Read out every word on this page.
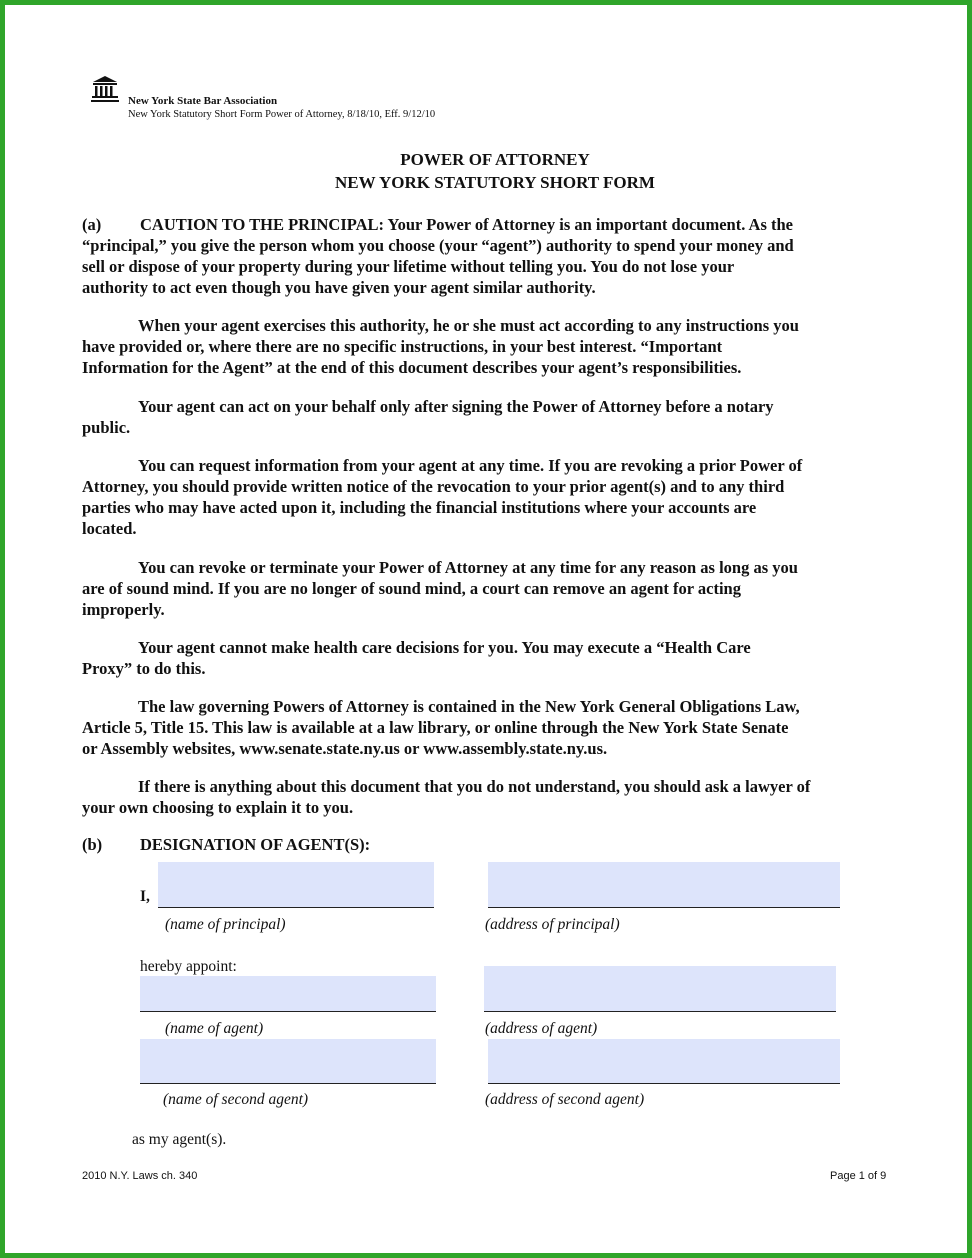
New York State Bar Association
New York Statutory Short Form Power of Attorney, 8/18/10, Eff. 9/12/10
POWER OF ATTORNEY
NEW YORK STATUTORY SHORT FORM
(a) CAUTION TO THE PRINCIPAL: Your Power of Attorney is an important document. As the
“principal,” you give the person whom you choose (your “agent”) authority to spend your money and
sell or dispose of your property during your lifetime without telling you. You do not lose your
authority to act even though you have given your agent similar authority.
When your agent exercises this authority, he or she must act according to any instructions you
have provided or, where there are no specific instructions, in your best interest. “Important
Information for the Agent” at the end of this document describes your agent’s responsibilities.
Your agent can act on your behalf only after signing the Power of Attorney before a notary
public.
You can request information from your agent at any time. If you are revoking a prior Power of
Attorney, you should provide written notice of the revocation to your prior agent(s) and to any third
parties who may have acted upon it, including the financial institutions where your accounts are
located.
You can revoke or terminate your Power of Attorney at any time for any reason as long as you
are of sound mind. If you are no longer of sound mind, a court can remove an agent for acting
improperly.
Your agent cannot make health care decisions for you. You may execute a “Health Care
Proxy” to do this.
The law governing Powers of Attorney is contained in the New York General Obligations Law,
Article 5, Title 15. This law is available at a law library, or online through the New York State Senate
or Assembly websites, www.senate.state.ny.us or www.assembly.state.ny.us.
If there is anything about this document that you do not understand, you should ask a lawyer of
your own choosing to explain it to you.
(b) DESIGNATION OF AGENT(S):
I,
(name of principal)	(address of principal)
hereby appoint:
(name of agent)	(address of agent)
(name of second agent)	(address of second agent)
as my agent(s).
2010 N.Y. Laws ch. 340	Page 1 of 9
